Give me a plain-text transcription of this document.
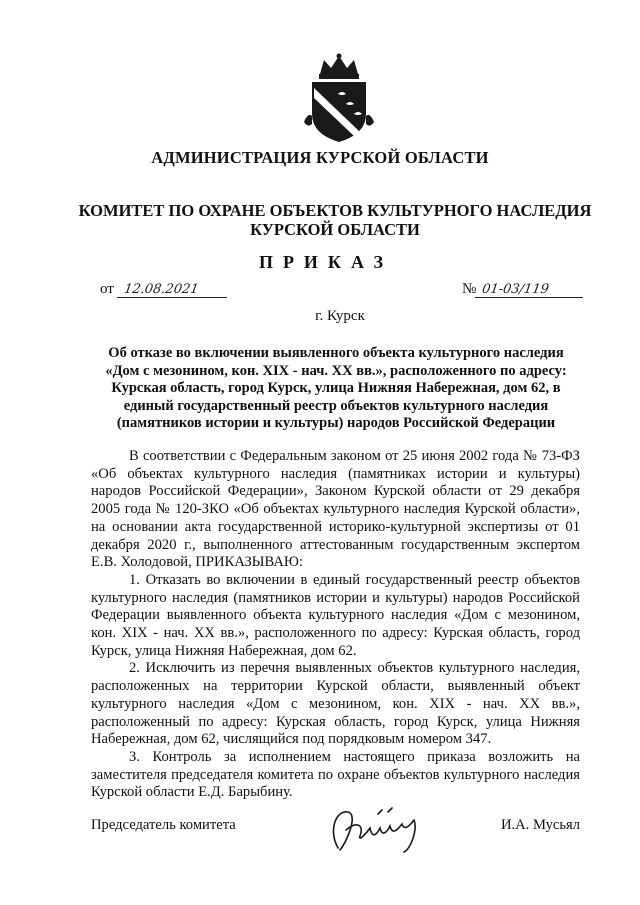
АДМИНИСТРАЦИЯ КУРСКОЙ ОБЛАСТИ
КОМИТЕТ ПО ОХРАНЕ ОБЪЕКТОВ КУЛЬТУРНОГО НАСЛЕДИЯ
КУРСКОЙ ОБЛАСТИ
ПРИКАЗ
от 12.08.2021	№ 01-03/119
г. Курск
Об отказе во включении выявленного объекта культурного наследия «Дом с мезонином, кон. XIX - нач. XX вв.», расположенного по адресу: Курская область, город Курск, улица Нижняя Набережная, дом 62, в единый государственный реестр объектов культурного наследия (памятников истории и культуры) народов Российской Федерации

В соответствии с Федеральным законом от 25 июня 2002 года № 73-ФЗ «Об объектах культурного наследия (памятниках истории и культуры) народов Российской Федерации», Законом Курской области от 29 декабря 2005 года № 120-ЗКО «Об объектах культурного наследия Курской области», на основании акта государственной историко-культурной экспертизы от 01 декабря 2020 г., выполненного аттестованным государственным экспертом Е.В. Холодовой, ПРИКАЗЫВАЮ:

1. Отказать во включении в единый государственный реестр объектов культурного наследия (памятников истории и культуры) народов Российской Федерации выявленного объекта культурного наследия «Дом с мезонином, кон. XIX - нач. XX вв.», расположенного по адресу: Курская область, город Курск, улица Нижняя Набережная, дом 62.

2. Исключить из перечня выявленных объектов культурного наследия, расположенных на территории Курской области, выявленный объект культурного наследия «Дом с мезонином, кон. XIX - нач. XX вв.», расположенный по адресу: Курская область, город Курск, улица Нижняя Набережная, дом 62, числящийся под порядковым номером 347.

3. Контроль за исполнением настоящего приказа возложить на заместителя председателя комитета по охране объектов культурного наследия Курской области Е.Д. Барыбину.

Председатель комитета	И.А. Мусьял
